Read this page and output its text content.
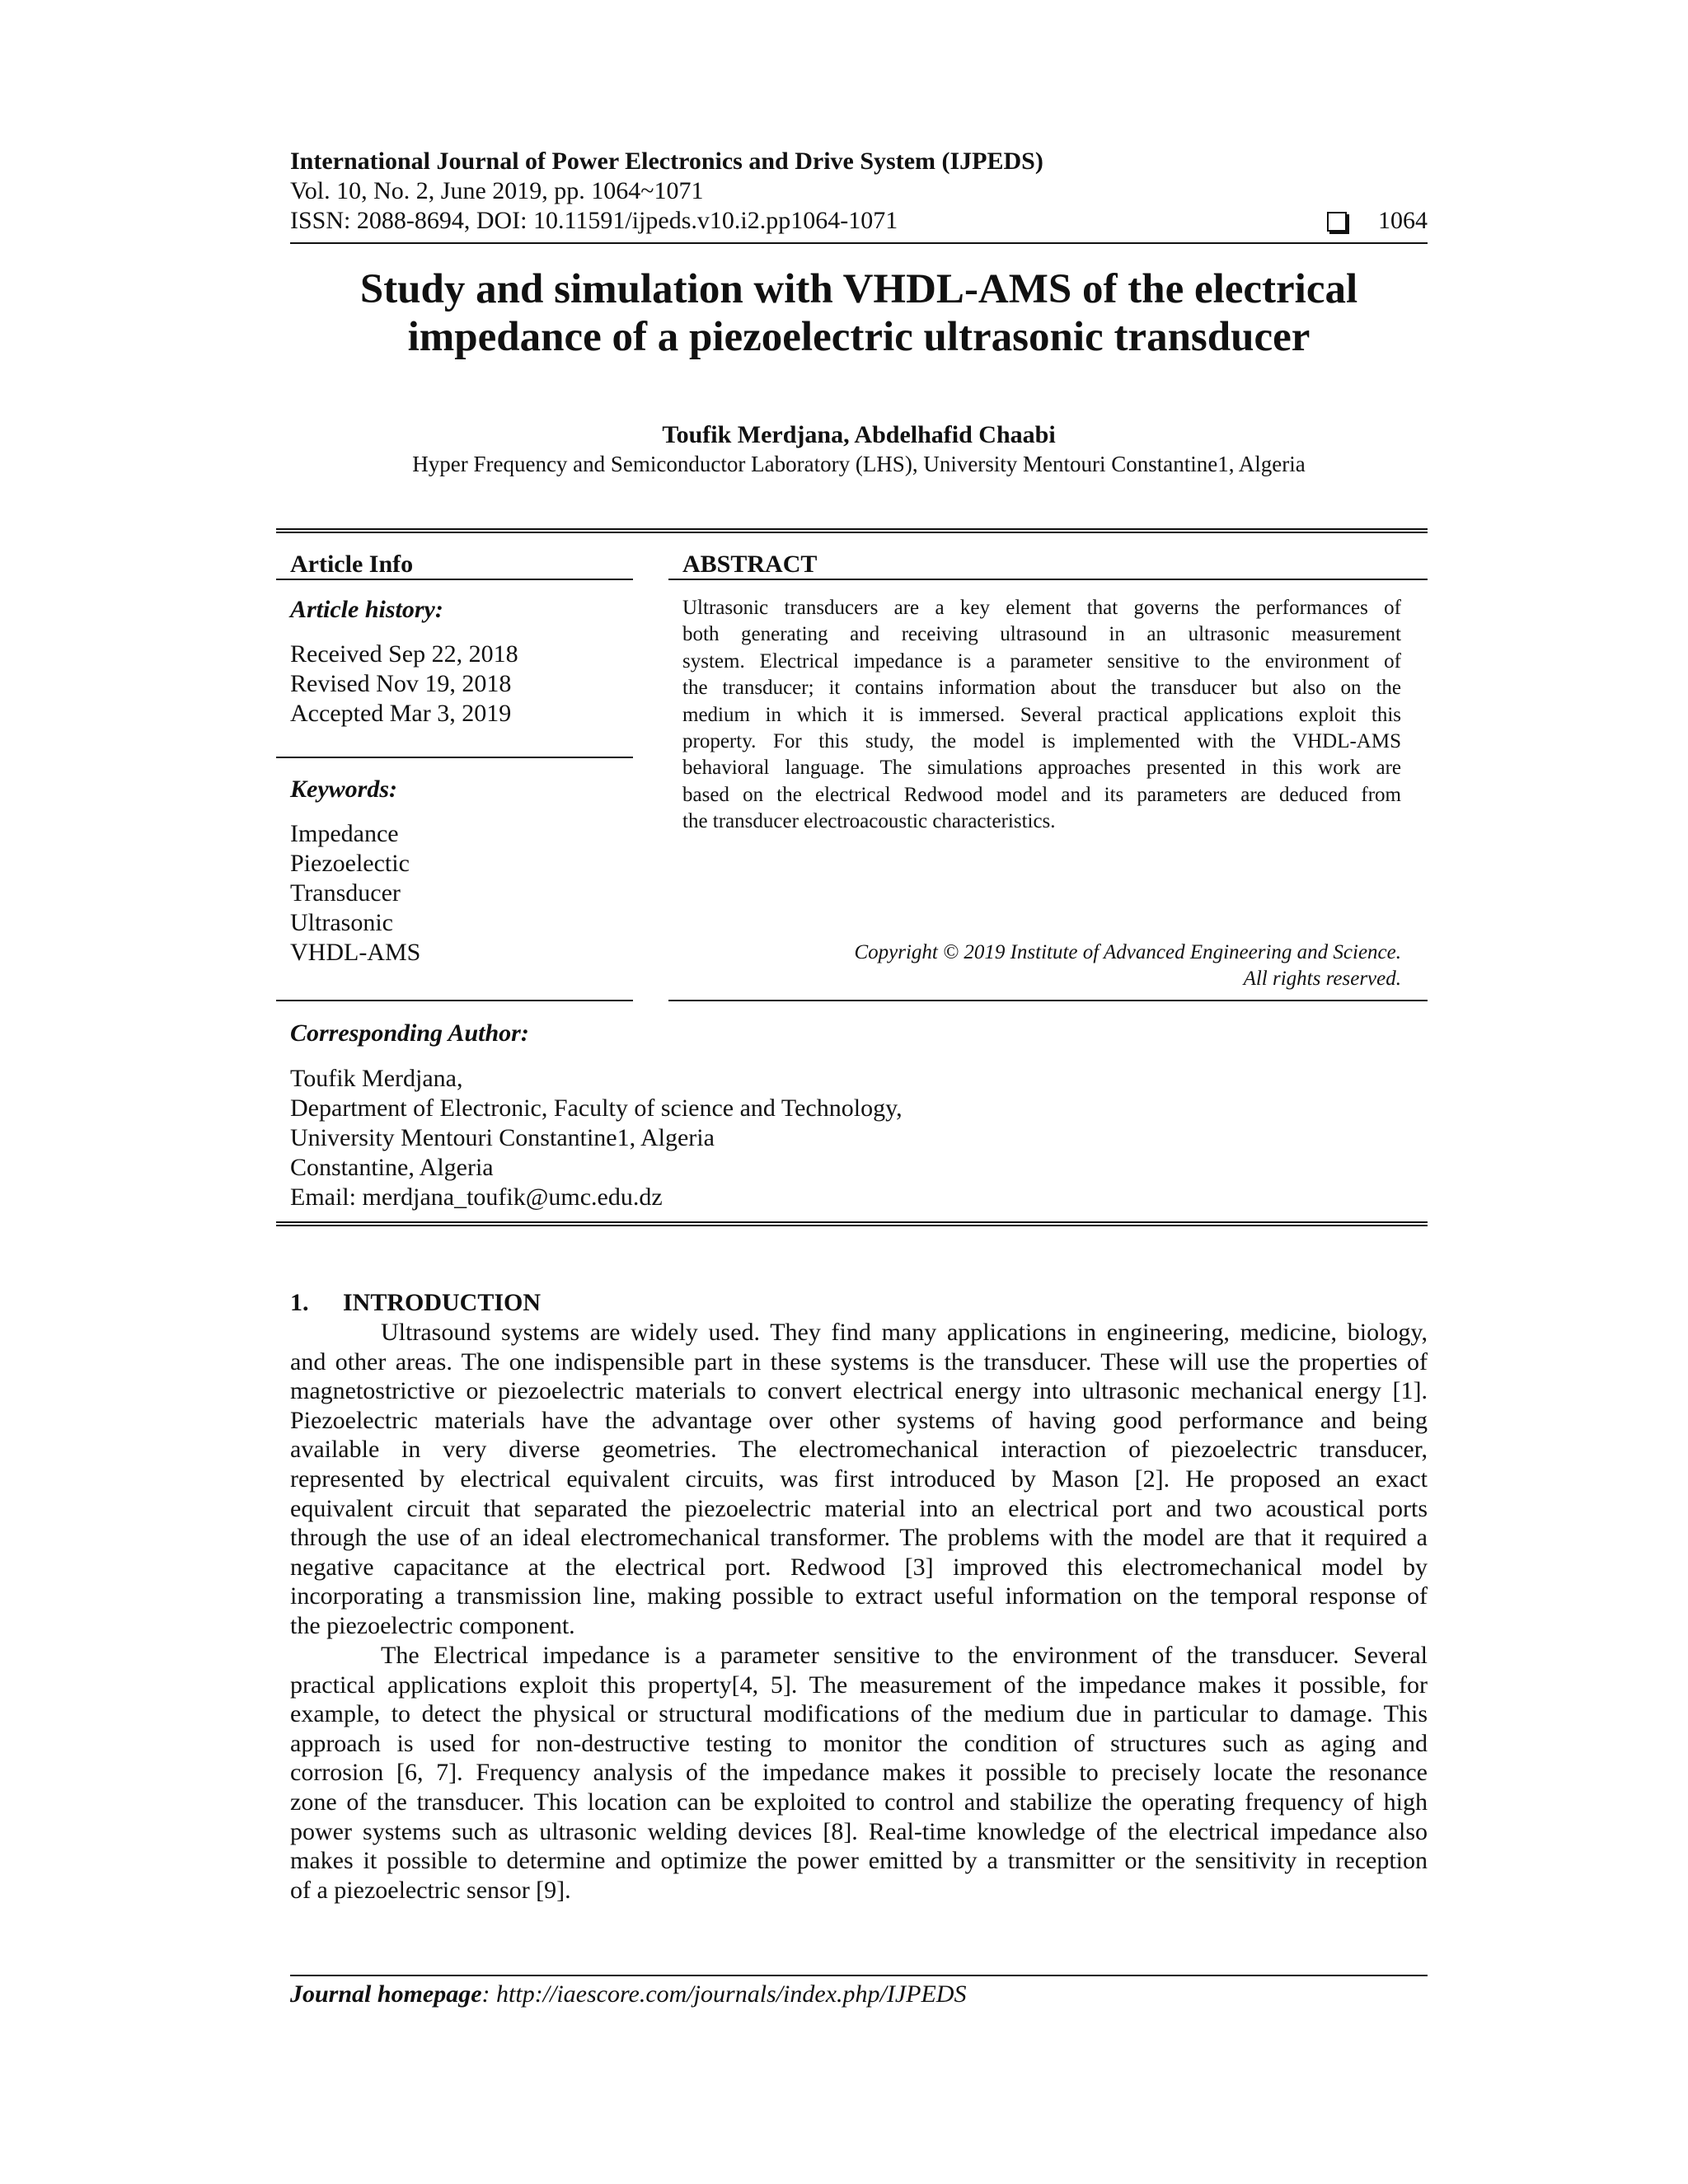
International Journal of Power Electronics and Drive System (IJPEDS)
Vol. 10, No. 2, June 2019, pp. 1064~1071
ISSN: 2088-8694, DOI: 10.11591/ijpeds.v10.i2.pp1064-1071	1064
Study and simulation with VHDL-AMS of the electrical
impedance of a piezoelectric ultrasonic transducer
Toufik Merdjana, Abdelhafid Chaabi
Hyper Frequency and Semiconductor Laboratory (LHS), University Mentouri Constantine1, Algeria
Article Info	ABSTRACT
Article history:
Received Sep 22, 2018
Revised Nov 19, 2018
Accepted Mar 3, 2019
Keywords:
Impedance
Piezoelectic
Transducer
Ultrasonic
VHDL-AMS
Ultrasonic transducers are a key element that governs the performances of
both generating and receiving ultrasound in an ultrasonic measurement
system. Electrical impedance is a parameter sensitive to the environment of
the transducer; it contains information about the transducer but also on the
medium in which it is immersed. Several practical applications exploit this
property. For this study, the model is implemented with the VHDL-AMS
behavioral language. The simulations approaches presented in this work are
based on the electrical Redwood model and its parameters are deduced from
the transducer electroacoustic characteristics.
Copyright © 2019 Institute of Advanced Engineering and Science.
All rights reserved.
Corresponding Author:
Toufik Merdjana,
Department of Electronic, Faculty of science and Technology,
University Mentouri Constantine1, Algeria
Constantine, Algeria
Email: merdjana_toufik@umc.edu.dz
1. INTRODUCTION
Ultrasound systems are widely used. They find many applications in engineering, medicine, biology,
and other areas. The one indispensible part in these systems is the transducer. These will use the properties of
magnetostrictive or piezoelectric materials to convert electrical energy into ultrasonic mechanical energy [1].
Piezoelectric materials have the advantage over other systems of having good performance and being
available in very diverse geometries. The electromechanical interaction of piezoelectric transducer,
represented by electrical equivalent circuits, was first introduced by Mason [2]. He proposed an exact
equivalent circuit that separated the piezoelectric material into an electrical port and two acoustical ports
through the use of an ideal electromechanical transformer. The problems with the model are that it required a
negative capacitance at the electrical port. Redwood [3] improved this electromechanical model by
incorporating a transmission line, making possible to extract useful information on the temporal response of
the piezoelectric component.
The Electrical impedance is a parameter sensitive to the environment of the transducer. Several
practical applications exploit this property[4, 5]. The measurement of the impedance makes it possible, for
example, to detect the physical or structural modifications of the medium due in particular to damage. This
approach is used for non-destructive testing to monitor the condition of structures such as aging and
corrosion [6, 7]. Frequency analysis of the impedance makes it possible to precisely locate the resonance
zone of the transducer. This location can be exploited to control and stabilize the operating frequency of high
power systems such as ultrasonic welding devices [8]. Real-time knowledge of the electrical impedance also
makes it possible to determine and optimize the power emitted by a transmitter or the sensitivity in reception
of a piezoelectric sensor [9].
Journal homepage: http://iaescore.com/journals/index.php/IJPEDS
